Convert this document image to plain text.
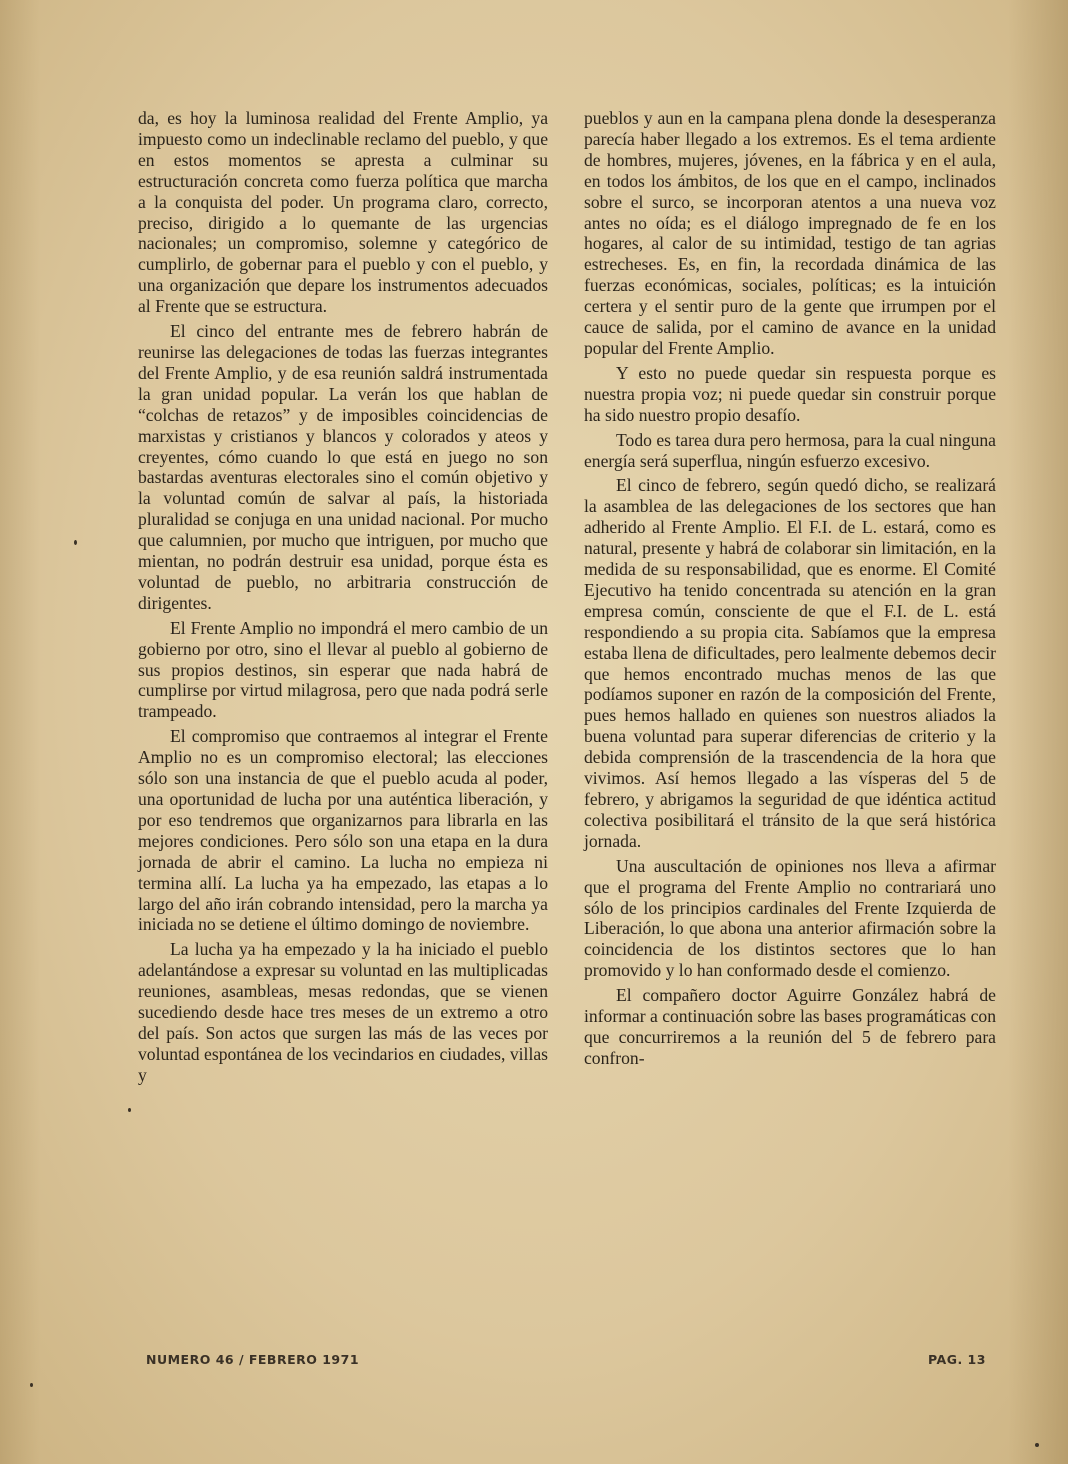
da, es hoy la luminosa realidad del Frente Amplio, ya impuesto como un indeclinable reclamo del pueblo, y que en estos momentos se apresta a culminar su estructuración concreta como fuerza política que marcha a la conquista del poder. Un programa claro, correcto, preciso, dirigido a lo quemante de las urgencias nacionales; un compromiso, solemne y categórico de cumplirlo, de gobernar para el pueblo y con el pueblo, y una organización que depare los instrumentos adecuados al Frente que se estructura.

El cinco del entrante mes de febrero habrán de reunirse las delegaciones de todas las fuerzas integrantes del Frente Amplio, y de esa reunión saldrá instrumentada la gran unidad popular. La verán los que hablan de “colchas de retazos” y de imposibles coincidencias de marxistas y cristianos y blancos y colorados y ateos y creyentes, cómo cuando lo que está en juego no son bastardas aventuras electorales sino el común objetivo y la voluntad común de salvar al país, la historiada pluralidad se conjuga en una unidad nacional. Por mucho que calumnien, por mucho que intriguen, por mucho que mientan, no podrán destruir esa unidad, porque ésta es voluntad de pueblo, no arbitraria construcción de dirigentes.

El Frente Amplio no impondrá el mero cambio de un gobierno por otro, sino el llevar al pueblo al gobierno de sus propios destinos, sin esperar que nada habrá de cumplirse por virtud milagrosa, pero que nada podrá serle trampeado.

El compromiso que contraemos al integrar el Frente Amplio no es un compromiso electoral; las elecciones sólo son una instancia de que el pueblo acuda al poder, una oportunidad de lucha por una auténtica liberación, y por eso tendremos que organizarnos para librarla en las mejores condiciones. Pero sólo son una etapa en la dura jornada de abrir el camino. La lucha no empieza ni termina allí. La lucha ya ha empezado, las etapas a lo largo del año irán cobrando intensidad, pero la marcha ya iniciada no se detiene el último domingo de noviembre.

La lucha ya ha empezado y la ha iniciado el pueblo adelantándose a expresar su voluntad en las multiplicadas reuniones, asambleas, mesas redondas, que se vienen sucediendo desde hace tres meses de un extremo a otro del país. Son actos que surgen las más de las veces por voluntad espontánea de los vecindarios en ciudades, villas y

pueblos y aun en la campana plena donde la desesperanza parecía haber llegado a los extremos. Es el tema ardiente de hombres, mujeres, jóvenes, en la fábrica y en el aula, en todos los ámbitos, de los que en el campo, inclinados sobre el surco, se incorporan atentos a una nueva voz antes no oída; es el diálogo impregnado de fe en los hogares, al calor de su intimidad, testigo de tan agrias estrecheses. Es, en fin, la recordada dinámica de las fuerzas económicas, sociales, políticas; es la intuición certera y el sentir puro de la gente que irrumpen por el cauce de salida, por el camino de avance en la unidad popular del Frente Amplio.

Y esto no puede quedar sin respuesta porque es nuestra propia voz; ni puede quedar sin construir porque ha sido nuestro propio desafío.

Todo es tarea dura pero hermosa, para la cual ninguna energía será superflua, ningún esfuerzo excesivo.

El cinco de febrero, según quedó dicho, se realizará la asamblea de las delegaciones de los sectores que han adherido al Frente Amplio. El F.I. de L. estará, como es natural, presente y habrá de colaborar sin limitación, en la medida de su responsabilidad, que es enorme. El Comité Ejecutivo ha tenido concentrada su atención en la gran empresa común, consciente de que el F.I. de L. está respondiendo a su propia cita. Sabíamos que la empresa estaba llena de dificultades, pero lealmente debemos decir que hemos encontrado muchas menos de las que podíamos suponer en razón de la composición del Frente, pues hemos hallado en quienes son nuestros aliados la buena voluntad para superar diferencias de criterio y la debida comprensión de la trascendencia de la hora que vivimos. Así hemos llegado a las vísperas del 5 de febrero, y abrigamos la seguridad de que idéntica actitud colectiva posibilitará el tránsito de la que será histórica jornada.

Una auscultación de opiniones nos lleva a afirmar que el programa del Frente Amplio no contrariará uno sólo de los principios cardinales del Frente Izquierda de Liberación, lo que abona una anterior afirmación sobre la coincidencia de los distintos sectores que lo han promovido y lo han conformado desde el comienzo.

El compañero doctor Aguirre González habrá de informar a continuación sobre las bases programáticas con que concurriremos a la reunión del 5 de febrero para confron-

NUMERO 46 / FEBRERO 1971	PAG. 13
